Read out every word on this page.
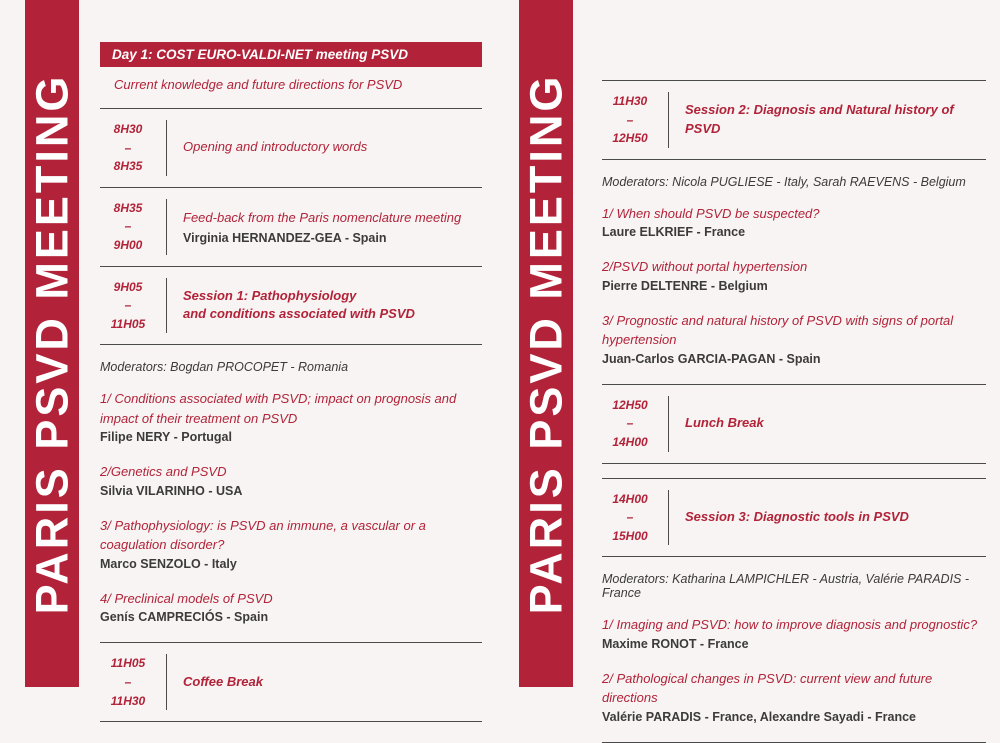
PARIS PSVD MEETING	PARIS PSVD MEETING
Day 1: COST EURO-VALDI-NET meeting PSVD
Current knowledge and future directions for PSVD
8H30
–
8H35
Opening and introductory words
8H35
–
9H00
Feed-back from the Paris nomenclature meeting
Virginia HERNANDEZ-GEA - Spain
9H05
–
11H05
Session 1: Pathophysiology
and conditions associated with PSVD
Moderators: Bogdan PROCOPET - Romania
1/ Conditions associated with PSVD; impact on prognosis and impact of their treatment on PSVD
Filipe NERY - Portugal
2/Genetics and PSVD
Silvia VILARINHO - USA
3/ Pathophysiology: is PSVD an immune, a vascular or a coagulation disorder?
Marco SENZOLO - Italy
4/ Preclinical models of PSVD
Genís CAMPRECIÓS - Spain
11H05
–
11H30
Coffee Break
11H30
–
12H50
Session 2: Diagnosis and Natural history of PSVD
Moderators: Nicola PUGLIESE - Italy, Sarah RAEVENS - Belgium
1/ When should PSVD be suspected?
Laure ELKRIEF - France
2/PSVD without portal hypertension
Pierre DELTENRE - Belgium
3/ Prognostic and natural history of PSVD with signs of portal hypertension
Juan-Carlos GARCIA-PAGAN - Spain
12H50
–
14H00
Lunch Break
14H00
–
15H00
Session 3: Diagnostic tools in PSVD
Moderators: Katharina LAMPICHLER - Austria, Valérie PARADIS - France
1/ Imaging and PSVD: how to improve diagnosis and prognostic?
Maxime RONOT - France
2/ Pathological changes in PSVD: current view and future directions
Valérie PARADIS - France, Alexandre Sayadi - France
